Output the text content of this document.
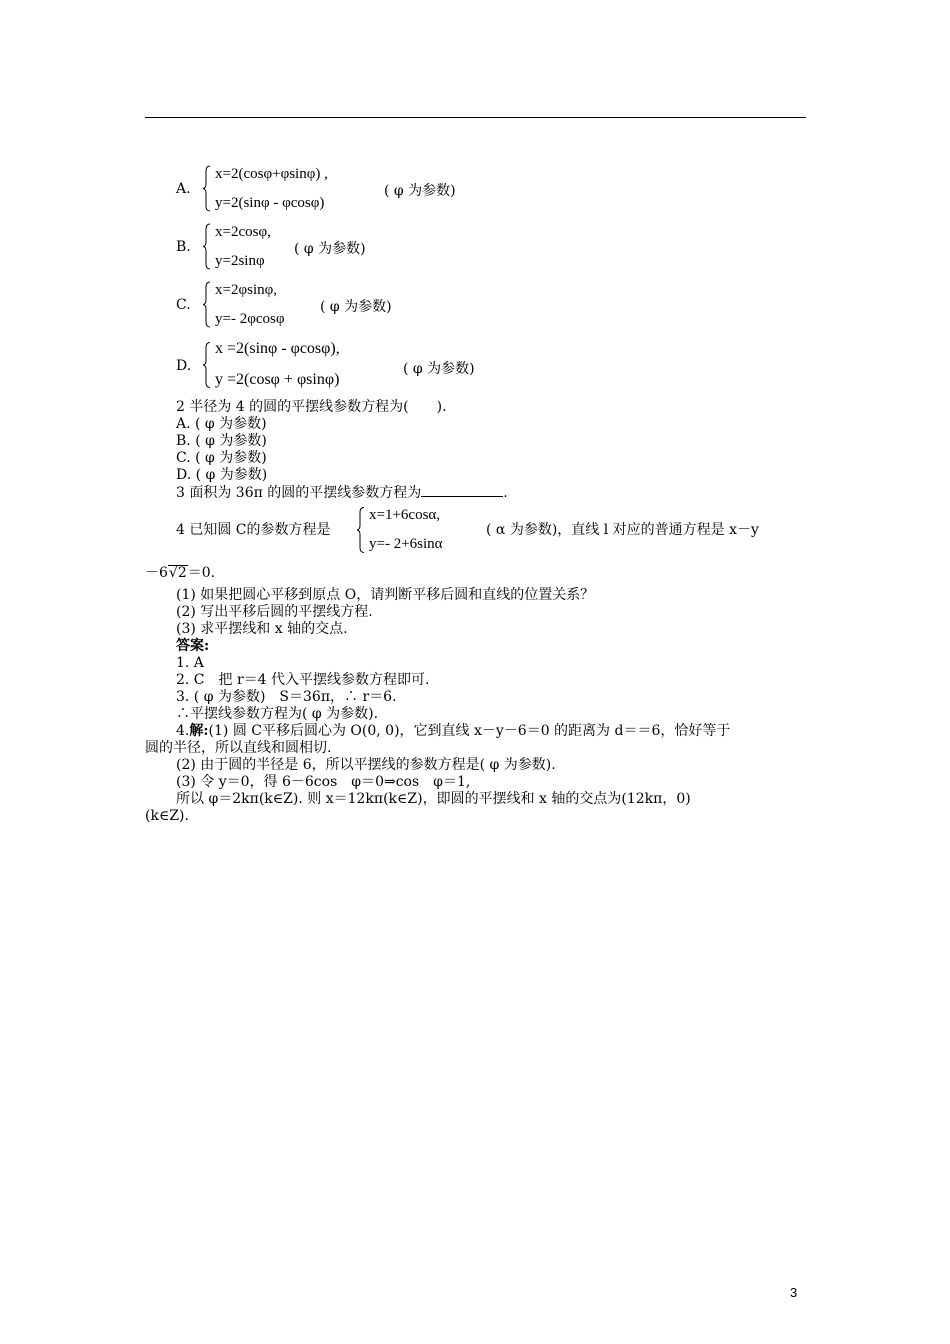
A.
x=2(cosφ+φsinφ) ,
y=2(sinφ - φcosφ)
( φ 为参数)
B.
x=2cosφ,
y=2sinφ
( φ 为参数)
C.
x=2φsinφ,
y=- 2φcosφ
( φ 为参数)
D.
x =2(sinφ - φcosφ),
y =2(cosφ + φsinφ)
( φ 为参数)
2 半径为 4 的圆的平摆线参数方程为(　　).
A. ( φ 为参数)
B. ( φ 为参数)
C. ( φ 为参数)
D. ( φ 为参数)
3 面积为 36π 的圆的平摆线参数方程为	.
4 已知圆 C的参数方程是
x=1+6cosα,
y=- 2+6sinα
( α 为参数)，直线 l 对应的普通方程是 x－y
－6√2＝0.
(1) 如果把圆心平移到原点 O，请判断平移后圆和直线的位置关系？
(2) 写出平移后圆的平摆线方程.
(3) 求平摆线和 x 轴的交点.
答案:
1. A
2. C　把 r＝4 代入平摆线参数方程即可.
3. ( φ 为参数)　S＝36π，∴ r＝6.
∴平摆线参数方程为( φ 为参数).
4.解:(1) 圆 C平移后圆心为 O(0, 0)，它到直线 x－y－6＝0 的距离为 d＝＝6，恰好等于
圆的半径，所以直线和圆相切.
(2) 由于圆的半径是 6，所以平摆线的参数方程是( φ 为参数).
(3) 令 y＝0，得 6－6cos　φ＝0⇒cos　φ＝1,
所以 φ＝2kπ(k∈Z). 则 x＝12kπ(k∈Z)，即圆的平摆线和 x 轴的交点为(12kπ，0)
(k∈Z).
3
